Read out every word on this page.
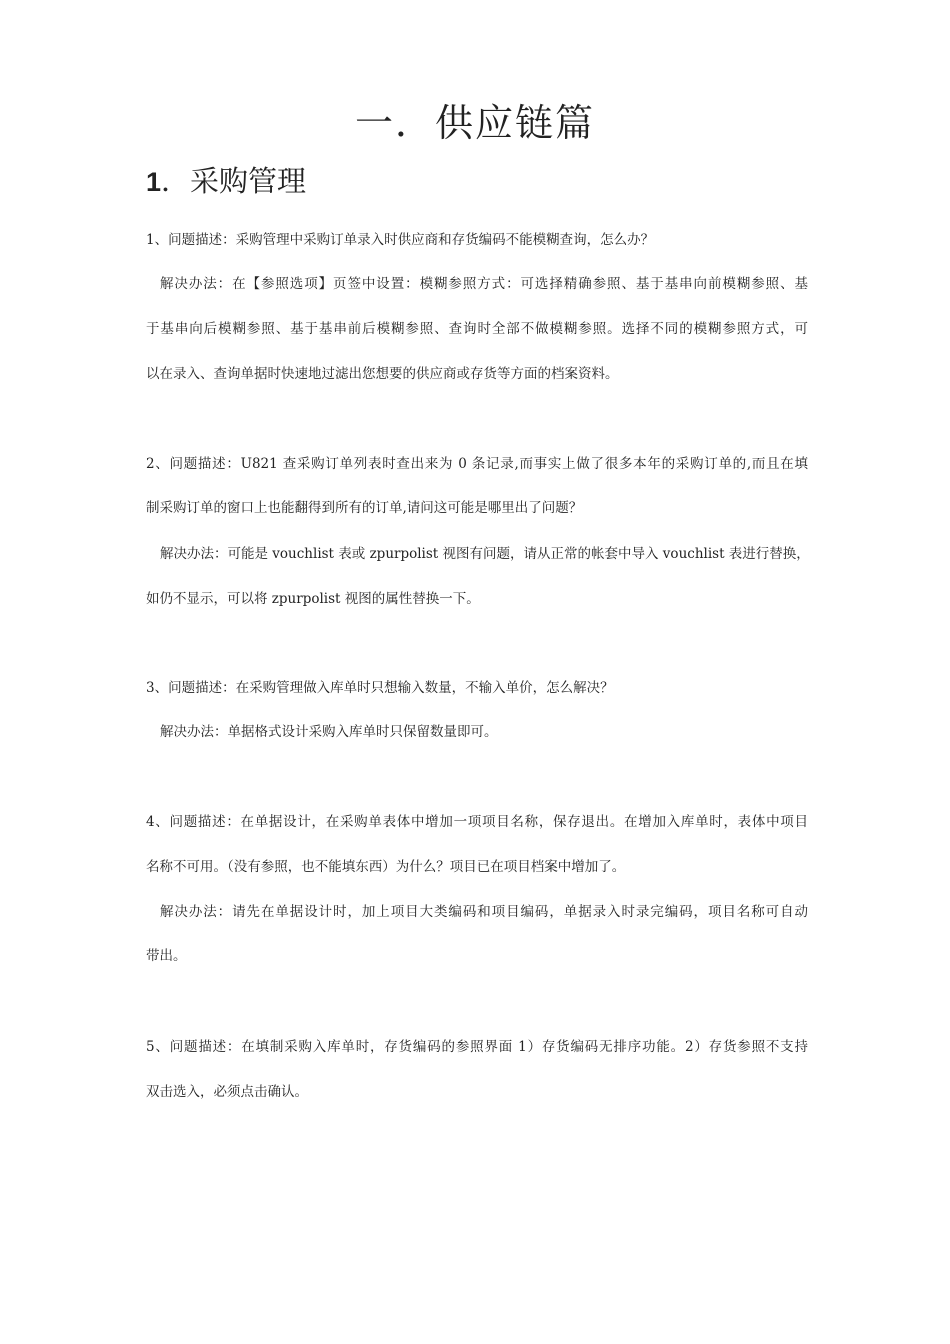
一．供应链篇
1．采购管理

1、问题描述：采购管理中采购订单录入时供应商和存货编码不能模糊查询，怎么办？

解决办法：在【参照选项】页签中设置：模糊参照方式：可选择精确参照、基于基串向前模糊参照、基

于基串向后模糊参照、基于基串前后模糊参照、查询时全部不做模糊参照。选择不同的模糊参照方式，可

以在录入、查询单据时快速地过滤出您想要的供应商或存货等方面的档案资料。

2、问题描述：U821 查采购订单列表时查出来为 0 条记录,而事实上做了很多本年的采购订单的,而且在填

制采购订单的窗口上也能翻得到所有的订单,请问这可能是哪里出了问题？

解决办法：可能是 vouchlist 表或 zpurpolist 视图有问题，请从正常的帐套中导入 vouchlist 表进行替换，

如仍不显示，可以将 zpurpolist 视图的属性替换一下。

3、问题描述：在采购管理做入库单时只想输入数量，不输入单价，怎么解决？

解决办法：单据格式设计采购入库单时只保留数量即可。

4、问题描述：在单据设计，在采购单表体中增加一项项目名称，保存退出。在增加入库单时，表体中项目

名称不可用。（没有参照，也不能填东西）为什么？项目已在项目档案中增加了。

解决办法：请先在单据设计时，加上项目大类编码和项目编码，单据录入时录完编码，项目名称可自动

带出。

5、问题描述：在填制采购入库单时，存货编码的参照界面 1）存货编码无排序功能。2）存货参照不支持

双击选入，必须点击确认。
